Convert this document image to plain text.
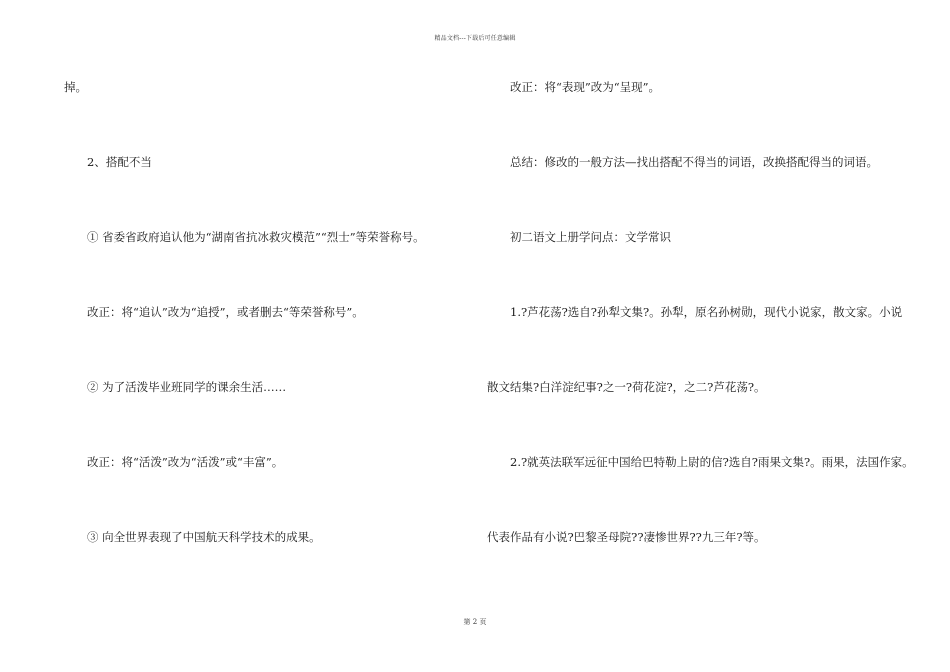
精品文档---下载后可任意编辑
掉。
2、搭配不当
① 省委省政府追认他为“湖南省抗冰救灾模范”“烈士”等荣誉称号。
改正：将“追认”改为“追授”，或者删去“等荣誉称号”。
② 为了活泼毕业班同学的课余生活……
改正：将“活泼”改为“活泼”或“丰富”。
③ 向全世界表现了中国航天科学技术的成果。
改正：将“表现”改为“呈现”。
总结：修改的一般方法—找出搭配不得当的词语，改换搭配得当的词语。
初二语文上册学问点：文学常识
1.?芦花荡?选自?孙犁文集?。孙犁，原名孙树勋，现代小说家，散文家。小说
散文结集?白洋淀纪事?之一?荷花淀?，之二?芦花荡?。
2.?就英法联军远征中国给巴特勒上尉的信?选自?雨果文集?。雨果，法国作家。
代表作品有小说?巴黎圣母院??凄惨世界??九三年?等。
第 2 页
